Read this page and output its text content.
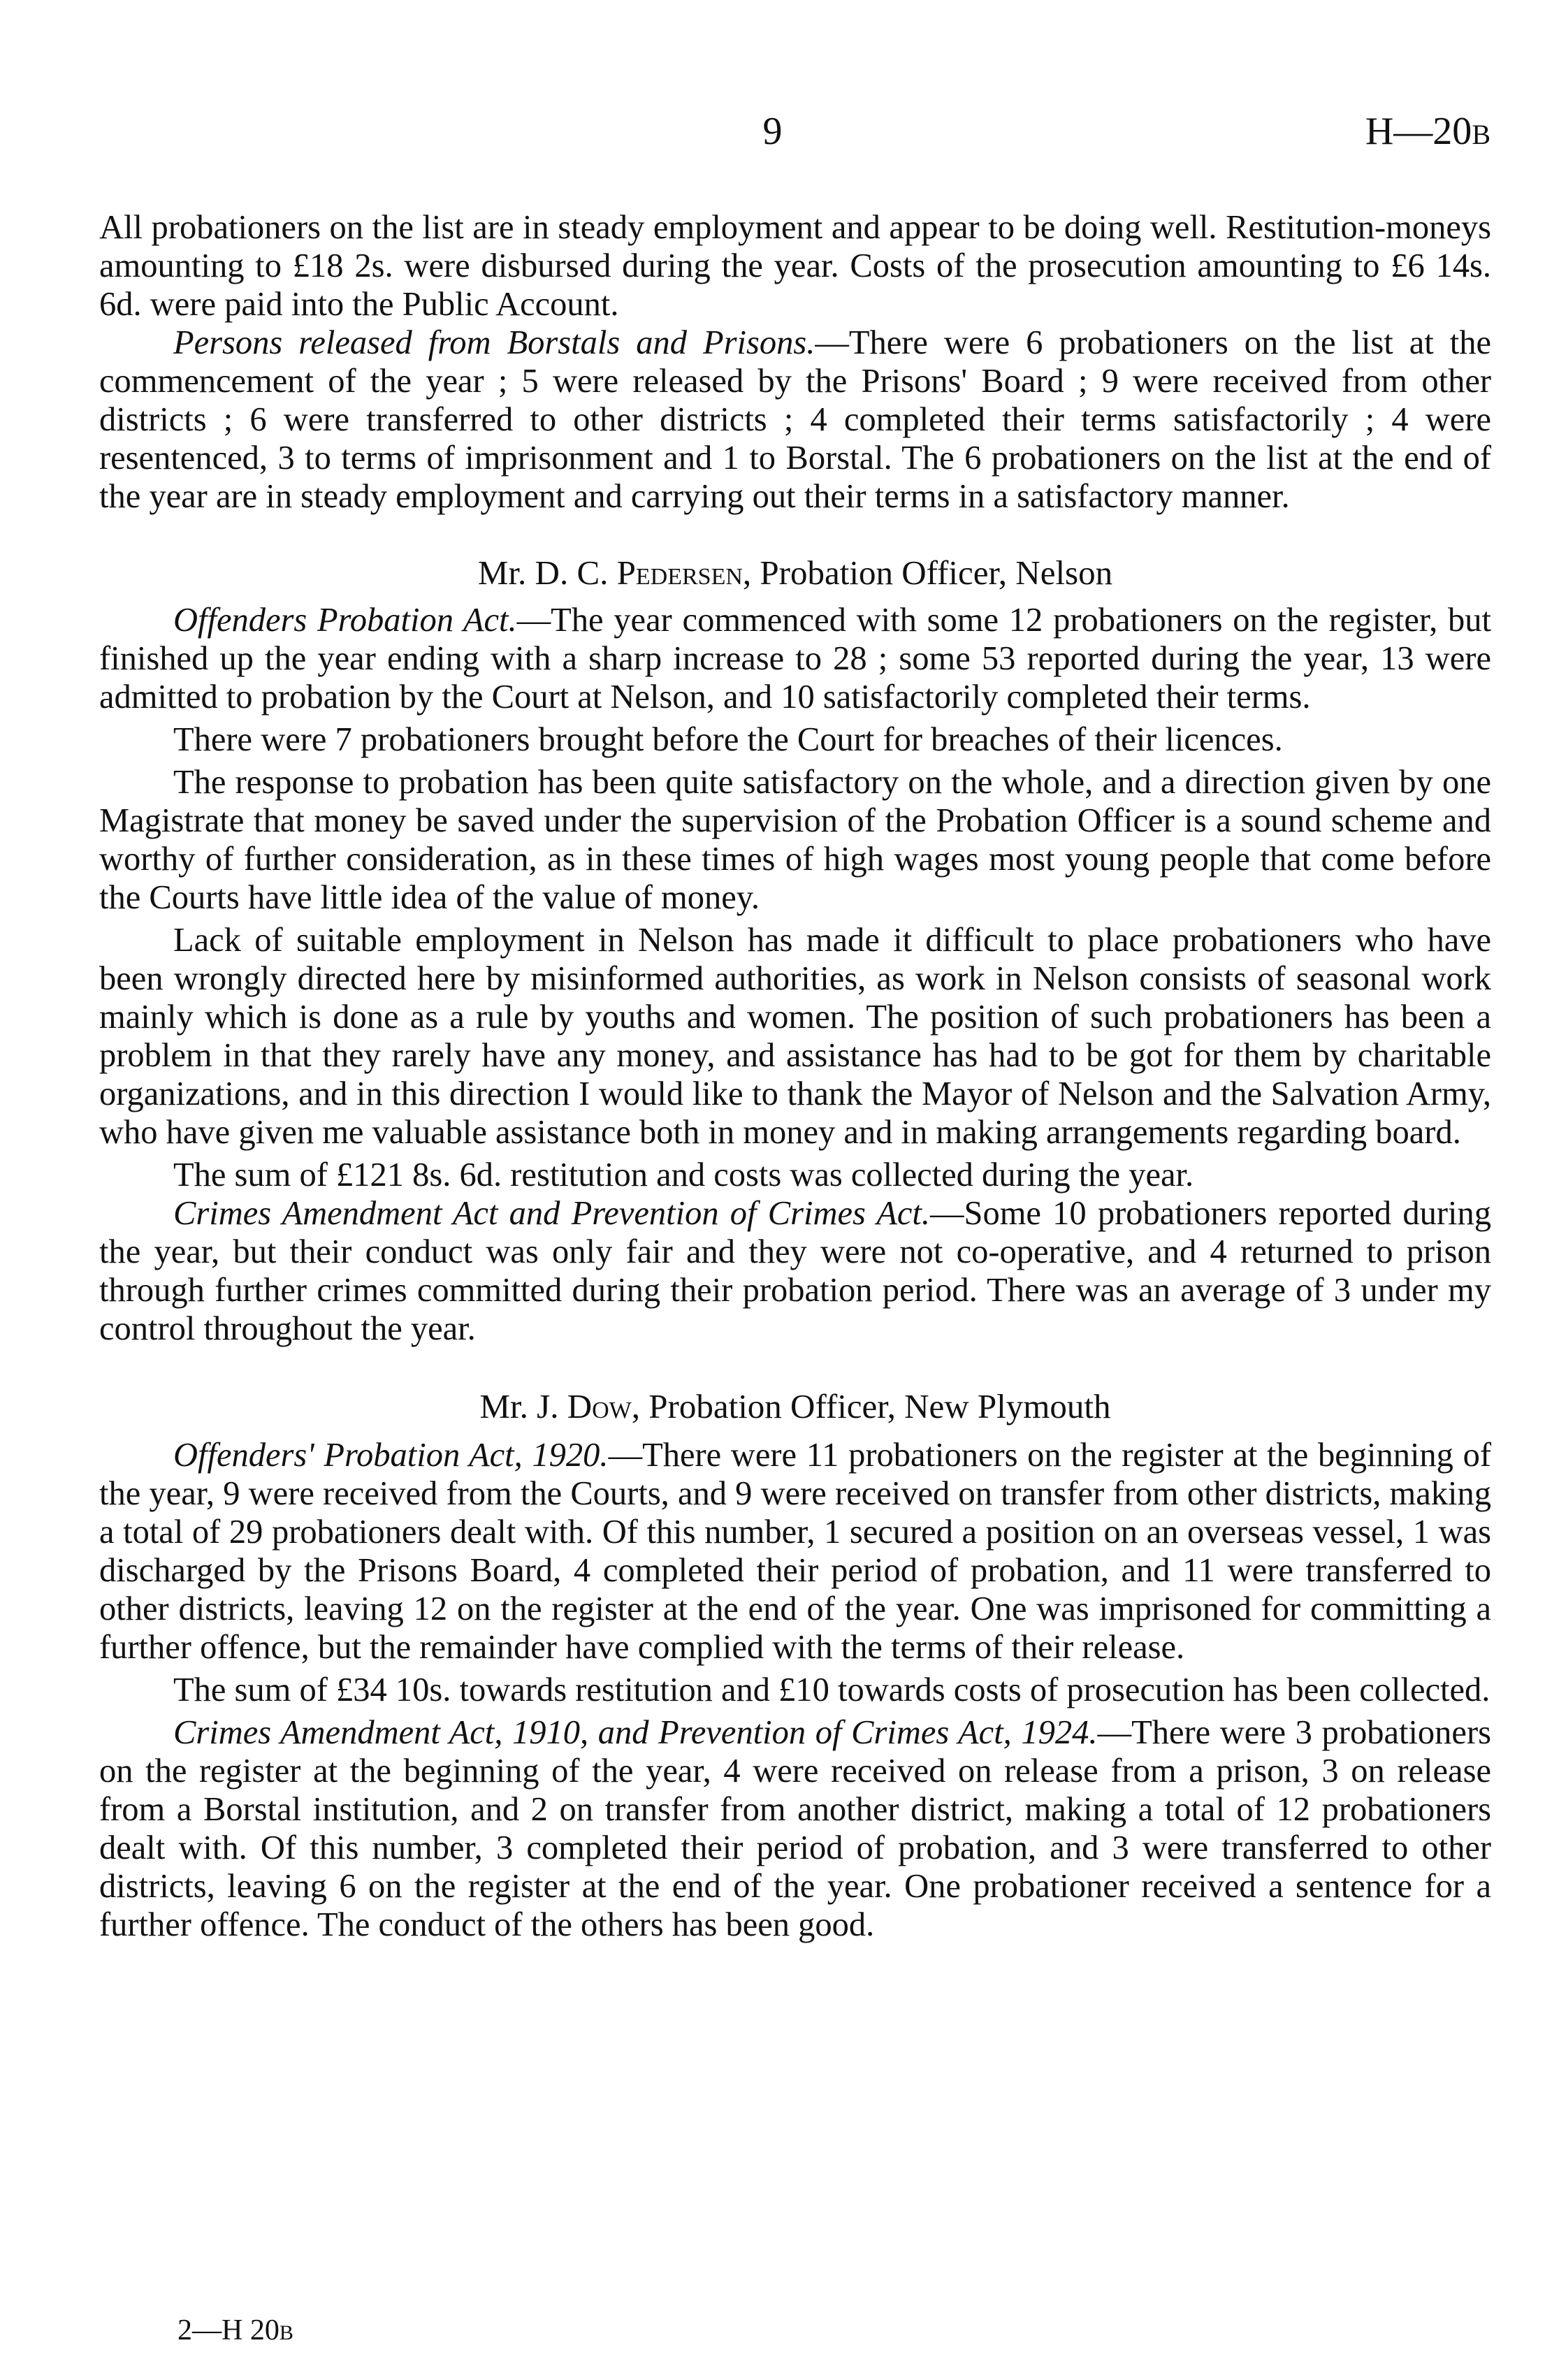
9	H—20B

All probationers on the list are in steady employment and appear to be doing well. Restitution-moneys amounting to £18 2s. were disbursed during the year. Costs of the prosecution amounting to £6 14s. 6d. were paid into the Public Account.

Persons released from Borstals and Prisons.—There were 6 probationers on the list at the commencement of the year ; 5 were released by the Prisons' Board ; 9 were received from other districts ; 6 were transferred to other districts ; 4 completed their terms satisfactorily ; 4 were resentenced, 3 to terms of imprisonment and 1 to Borstal. The 6 probationers on the list at the end of the year are in steady employment and carrying out their terms in a satisfactory manner.

Mr. D. C. Pedersen, Probation Officer, Nelson

Offenders Probation Act.—The year commenced with some 12 probationers on the register, but finished up the year ending with a sharp increase to 28 ; some 53 reported during the year, 13 were admitted to probation by the Court at Nelson, and 10 satisfactorily completed their terms.

There were 7 probationers brought before the Court for breaches of their licences.

The response to probation has been quite satisfactory on the whole, and a direction given by one Magistrate that money be saved under the supervision of the Probation Officer is a sound scheme and worthy of further consideration, as in these times of high wages most young people that come before the Courts have little idea of the value of money.

Lack of suitable employment in Nelson has made it difficult to place probationers who have been wrongly directed here by misinformed authorities, as work in Nelson consists of seasonal work mainly which is done as a rule by youths and women. The position of such probationers has been a problem in that they rarely have any money, and assistance has had to be got for them by charitable organizations, and in this direction I would like to thank the Mayor of Nelson and the Salvation Army, who have given me valuable assistance both in money and in making arrangements regarding board.

The sum of £121 8s. 6d. restitution and costs was collected during the year.

Crimes Amendment Act and Prevention of Crimes Act.—Some 10 probationers reported during the year, but their conduct was only fair and they were not co-operative, and 4 returned to prison through further crimes committed during their probation period. There was an average of 3 under my control throughout the year.

Mr. J. Dow, Probation Officer, New Plymouth

Offenders' Probation Act, 1920.—There were 11 probationers on the register at the beginning of the year, 9 were received from the Courts, and 9 were received on transfer from other districts, making a total of 29 probationers dealt with. Of this number, 1 secured a position on an overseas vessel, 1 was discharged by the Prisons Board, 4 completed their period of probation, and 11 were transferred to other districts, leaving 12 on the register at the end of the year. One was imprisoned for committing a further offence, but the remainder have complied with the terms of their release.

The sum of £34 10s. towards restitution and £10 towards costs of prosecution has been collected.

Crimes Amendment Act, 1910, and Prevention of Crimes Act, 1924.—There were 3 probationers on the register at the beginning of the year, 4 were received on release from a prison, 3 on release from a Borstal institution, and 2 on transfer from another district, making a total of 12 probationers dealt with. Of this number, 3 completed their period of probation, and 3 were transferred to other districts, leaving 6 on the register at the end of the year. One probationer received a sentence for a further offence. The conduct of the others has been good.

2—H 20B
